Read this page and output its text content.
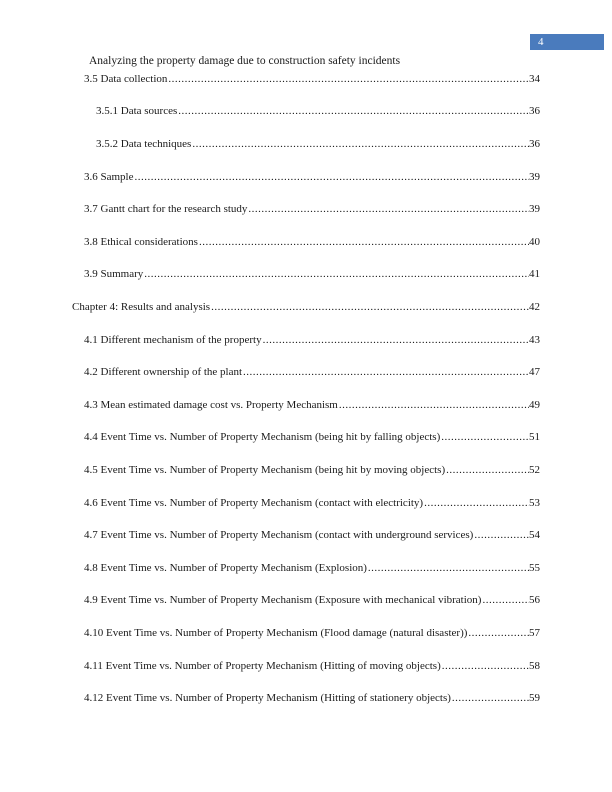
4
Analyzing the property damage due to construction safety incidents
3.5 Data collection .....	34
3.5.1 Data sources .....	36
3.5.2 Data techniques .....	36
3.6 Sample .....	39
3.7 Gantt chart for the research study .....	39
3.8 Ethical considerations .....	40
3.9 Summary .....	41
Chapter 4: Results and analysis .....	42
4.1 Different mechanism of the property .....	43
4.2 Different ownership of the plant .....	47
4.3 Mean estimated damage cost vs. Property Mechanism .....	49
4.4 Event Time vs. Number of Property Mechanism (being hit by falling objects) .....	51
4.5 Event Time vs. Number of Property Mechanism (being hit by moving objects) .....	52
4.6 Event Time vs. Number of Property Mechanism (contact with electricity) .....	53
4.7 Event Time vs. Number of Property Mechanism (contact with underground services) .....	54
4.8 Event Time vs. Number of Property Mechanism (Explosion) .....	55
4.9 Event Time vs. Number of Property Mechanism (Exposure with mechanical vibration) .....	56
4.10 Event Time vs. Number of Property Mechanism (Flood damage (natural disaster)) .....	57
4.11 Event Time vs. Number of Property Mechanism (Hitting of moving objects) .....	58
4.12 Event Time vs. Number of Property Mechanism (Hitting of stationery objects) .....	59
